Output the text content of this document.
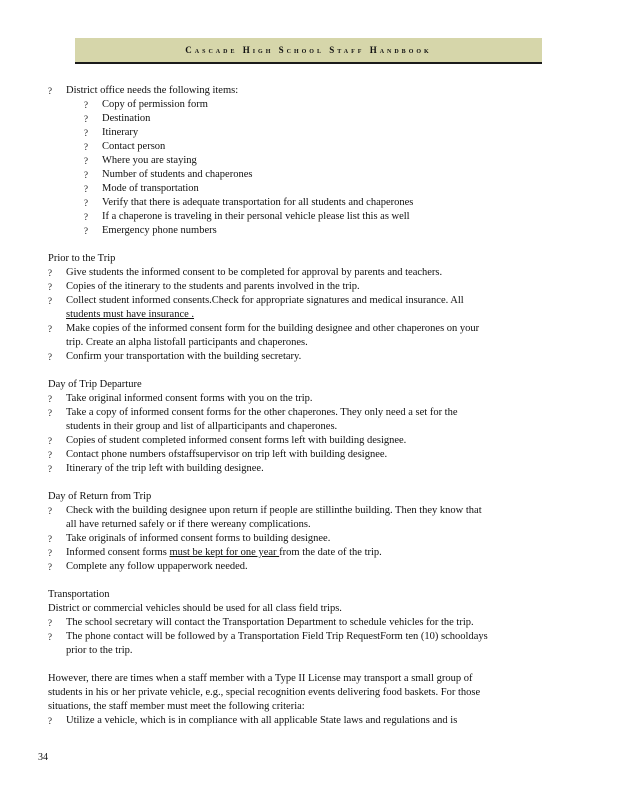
Cascade High School Staff Handbook
? District office needs the following items:
? Copy of permission form
? Destination
? Itinerary
? Contact person
? Where you are staying
? Number of students and chaperones
? Mode of transportation
? Verify that there is adequate transportation for all students and chaperones
? If a chaperone is traveling in their personal vehicle please list this as well
? Emergency phone numbers
Prior to the Trip
? Give students the informed consent to be completed for approval by parents and teachers.
? Copies of the itinerary to the students and parents involved in the trip.
? Collect student informed consents.Check for appropriate signatures and medical insurance. All
students must have insurance .
? Make copies of the informed consent form for the building designee and other chaperones on your
trip. Create an alpha listofall participants and chaperones.
? Confirm your transportation with the building secretary.
Day of Trip Departure
? Take original informed consent forms with you on the trip.
? Take a copy of informed consent forms for the other chaperones. They only need a set for the
students in their group and list of allparticipants and chaperones.
? Copies of student completed informed consent forms left with building designee.
? Contact phone numbers ofstaffsupervisor on trip left with building designee.
? Itinerary of the trip left with building designee.
Day of Return from Trip
? Check with the building designee upon return if people are stillinthe building. Then they know that
all have returned safely or if there wereany complications.
? Take originals of informed consent forms to building designee.
? Informed consent forms must be kept for one year from the date of the trip.
? Complete any follow uppaperwork needed.
Transportation
District or commercial vehicles should be used for all class field trips.
? The school secretary will contact the Transportation Department to schedule vehicles for the trip.
? The phone contact will be followed by a Transportation Field Trip RequestForm ten (10) schooldays
prior to the trip.
However, there are times when a staff member with a Type II License may transport a small group of
students in his or her private vehicle, e.g., special recognition events delivering food baskets. For those
situations, the staff member must meet the following criteria:
? Utilize a vehicle, which is in compliance with all applicable State laws and regulations and is
34
